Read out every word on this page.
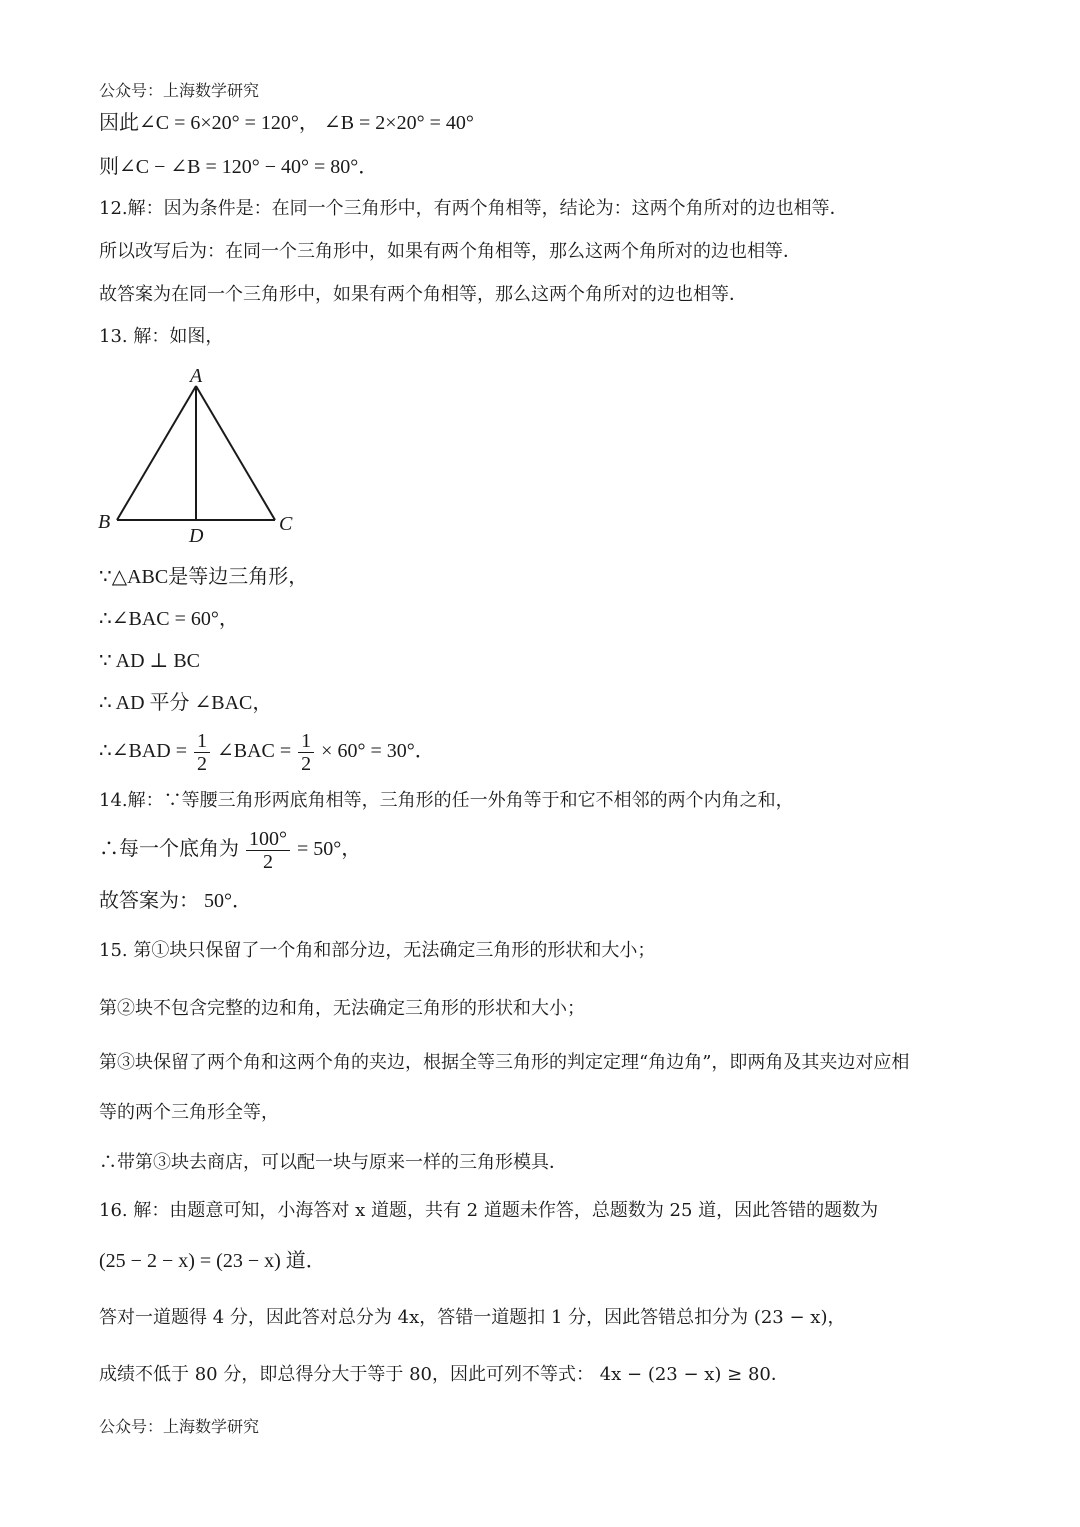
公众号：上海数学研究
因此∠C = 6×20° = 120°， ∠B = 2×20° = 40°
则∠C − ∠B = 120° − 40° = 80°．
12.解：因为条件是：在同一个三角形中，有两个角相等，结论为：这两个角所对的边也相等．
所以改写后为：在同一个三角形中，如果有两个角相等，那么这两个角所对的边也相等．
故答案为在同一个三角形中，如果有两个角相等，那么这两个角所对的边也相等．
13. 解：如图，
A
B	C
D
∵△ABC是等边三角形，
∴∠BAC = 60°，
∵ AD ⊥ BC
∴ AD 平分 ∠BAC，
∴∠BAD = $\frac{1}{2}$ ∠BAC = $\frac{1}{2} \times 60^\circ = 30^\circ$．
14.解：∵等腰三角形两底角相等，三角形的任一外角等于和它不相邻的两个内角之和，
∴每一个底角为 $\frac{100^\circ}{2} = 50^\circ$，
故答案为： 50°．
15. 第①块只保留了一个角和部分边，无法确定三角形的形状和大小；
第②块不包含完整的边和角，无法确定三角形的形状和大小；
第③块保留了两个角和这两个角的夹边，根据全等三角形的判定定理“角边角”，即两角及其夹边对应相
等的两个三角形全等，
∴带第③块去商店，可以配一块与原来一样的三角形模具．
16. 解：由题意可知，小海答对 x 道题，共有 2 道题未作答，总题数为 25 道，因此答错的题数为
(25 − 2 − x) = (23 − x) 道．
答对一道题得 4 分，因此答对总分为 4x，答错一道题扣 1 分，因此答错总扣分为 (23 − x)，
成绩不低于 80 分，即总得分大于等于 80，因此可列不等式： 4x − (23 − x) ≥ 80．
公众号：上海数学研究
